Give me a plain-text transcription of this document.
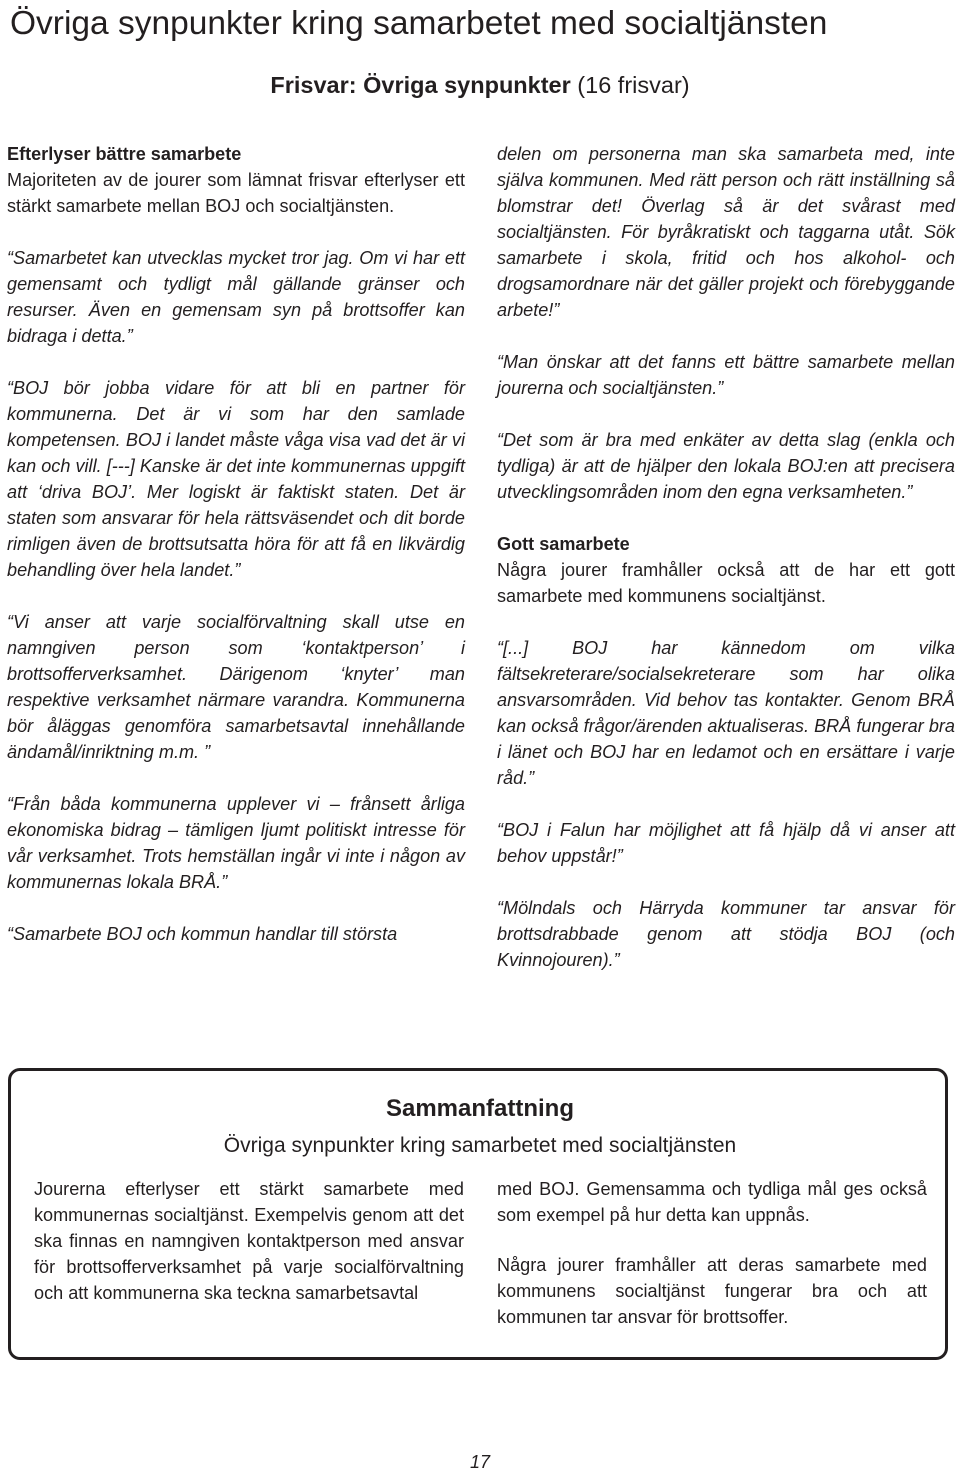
Övriga synpunkter kring samarbetet med socialtjänsten
Frisvar: Övriga synpunkter (16 frisvar)

Efterlyser bättre samarbete
Majoriteten av de jourer som lämnat frisvar efterlyser ett stärkt samarbete mellan BOJ och socialtjänsten.

“Samarbetet kan utvecklas mycket tror jag. Om vi har ett gemensamt och tydligt mål gällande gränser och resurser. Även en gemensam syn på brottsoffer kan bidraga i detta.”

“BOJ bör jobba vidare för att bli en partner för kommunerna. Det är vi som har den samlade kompetensen. BOJ i landet måste våga visa vad det är vi kan och vill. [---] Kanske är det inte kommunernas uppgift att ‘driva BOJ’. Mer logiskt är faktiskt staten. Det är staten som ansvarar för hela rättsväsendet och dit borde rimligen även de brottsutsatta höra för att få en likvärdig behandling över hela landet.”

“Vi anser att varje socialförvaltning skall utse en namngiven person som ‘kontaktperson’ i brottsofferverksamhet. Därigenom ‘knyter’ man respektive verksamhet närmare varandra. Kommunerna bör åläggas genomföra samarbetsavtal innehållande ändamål/inriktning m.m. ”

“Från båda kommunerna upplever vi – frånsett årliga ekonomiska bidrag – tämligen ljumt politiskt intresse för vår verksamhet. Trots hemställan ingår vi inte i någon av kommunernas lokala BRÅ.”

“Samarbete BOJ och kommun handlar till största

delen om personerna man ska samarbeta med, inte själva kommunen. Med rätt person och rätt inställning så blomstrar det! Överlag så är det svårast med socialtjänsten. För byråkratiskt och taggarna utåt. Sök samarbete i skola, fritid och hos alkohol- och drogsamordnare när det gäller projekt och förebyggande arbete!”

“Man önskar att det fanns ett bättre samarbete mellan jourerna och socialtjänsten.”

“Det som är bra med enkäter av detta slag (enkla och tydliga) är att de hjälper den lokala BOJ:en att precisera utvecklingsområden inom den egna verksamheten.”

Gott samarbete
Några jourer framhåller också att de har ett gott samarbete med kommunens socialtjänst.

“[...] BOJ har kännedom om vilka fältsekreterare/socialsekreterare som har olika ansvarsområden. Vid behov tas kontakter. Genom BRÅ kan också frågor/ärenden aktualiseras. BRÅ fungerar bra i länet och BOJ har en ledamot och en ersättare i varje råd.”

“BOJ i Falun har möjlighet att få hjälp då vi anser att behov uppstår!”

“Mölndals och Härryda kommuner tar ansvar för brottsdrabbade genom att stödja BOJ (och Kvinnojouren).”

Sammanfattning
Övriga synpunkter kring samarbetet med socialtjänsten

Jourerna efterlyser ett stärkt samarbete med kommunernas socialtjänst. Exempelvis genom att det ska finnas en namngiven kontaktperson med ansvar för brottsofferverksamhet på varje socialförvaltning och att kommunerna ska teckna samarbetsavtal

med BOJ. Gemensamma och tydliga mål ges också som exempel på hur detta kan uppnås.

Några jourer framhåller att deras samarbete med kommunens socialtjänst fungerar bra och att kommunen tar ansvar för brottsoffer.

17
